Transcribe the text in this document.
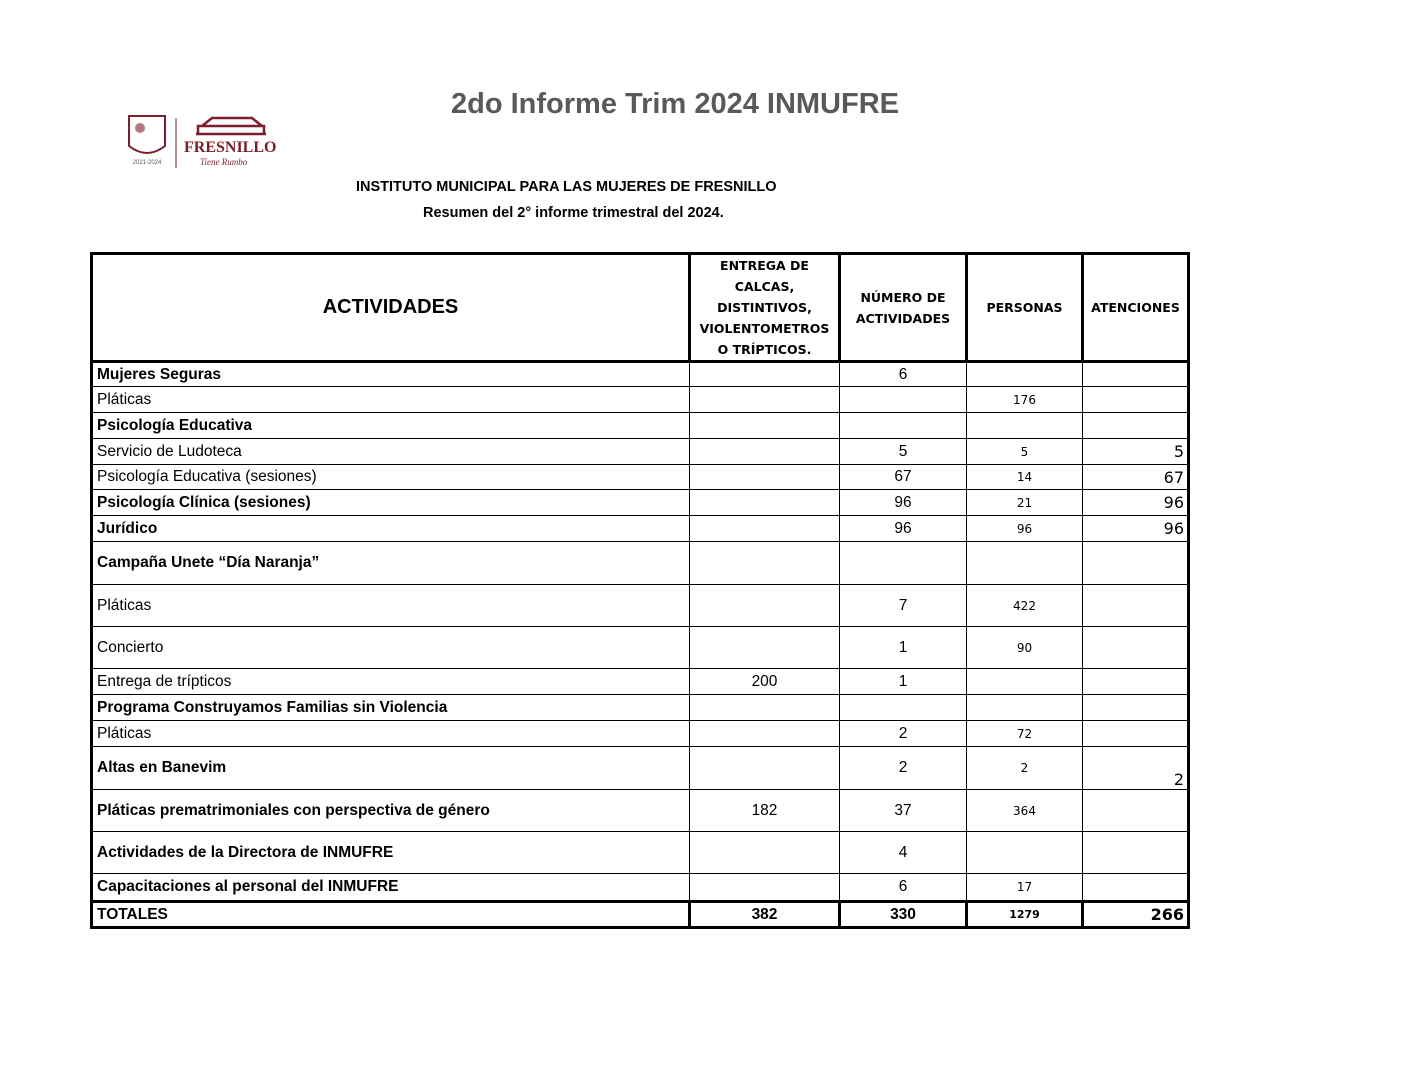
2do Informe Trim 2024 INMUFRE
2021-2024
FRESNILLO
Tiene Rumbo
INSTITUTO MUNICIPAL PARA LAS MUJERES DE FRESNILLO
Resumen del 2° informe trimestral del 2024.
ACTIVIDADES	ENTREGA DE CALCAS, DISTINTIVOS, VIOLENTOMETROS O TRÍPTICOS.	NÚMERO DE ACTIVIDADES	PERSONAS	ATENCIONES
Mujeres Seguras		6		
Pláticas			176	
Psicología Educativa				
Servicio de Ludoteca		5	5	5
Psicología Educativa (sesiones)		67	14	67
Psicología Clínica (sesiones)		96	21	96
Jurídico		96	96	96
Campaña Unete “Día Naranja”				
Pláticas		7	422	
Concierto		1	90	
Entrega de trípticos	200	1		
Programa Construyamos Familias sin Violencia				
Pláticas		2	72	
Altas en Banevim		2	2	2
Pláticas prematrimoniales con perspectiva de género	182	37	364	
Actividades de la Directora de INMUFRE		4		
Capacitaciones al personal del INMUFRE		6	17	
TOTALES	382	330	1279	266
